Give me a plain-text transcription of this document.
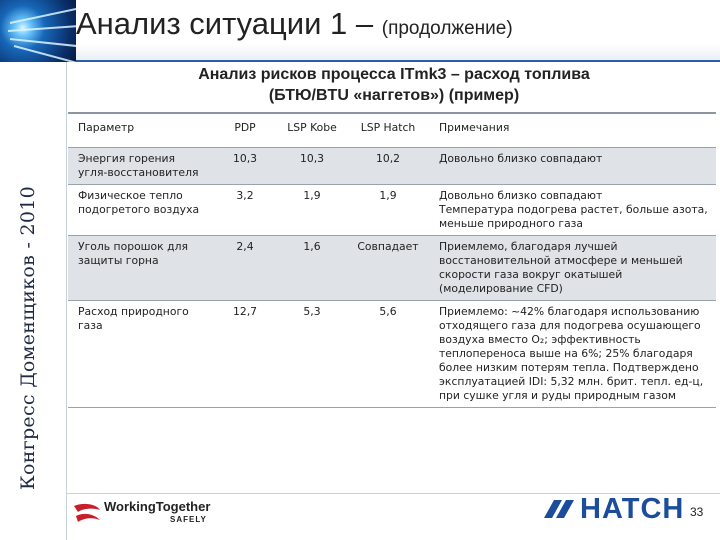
Анализ ситуации 1 – (продолжение)
Конгресс Доменщиков - 2010
Анализ рисков процесса ITmk3 – расход топлива
(БТЮ/BTU «наггетов») (пример)
Параметр	PDP	LSP Kobe	LSP Hatch	Примечания
Энергия горения угля-восстановителя	10,3	10,3	10,2	Довольно близко совпадают

Физическое тепло подогретого воздуха	3,2	1,9	1,9	Довольно близко совпадают
Температура подогрева растет, больше азота, меньше природного газа

Уголь порошок для защиты горна	2,4	1,6	Совпадает	Приемлемо, благодаря лучшей восстановительной атмосфере и меньшей скорости газа вокруг окатышей (моделирование CFD)

Расход природного газа	12,7	5,3	5,6	Приемлемо: ~42% благодаря использованию отходящего газа для подогрева осушающего воздуха вместо O₂; эффективность теплопереноса выше на 6%; 25% благодаря более низким потерям тепла. Подтверждено эксплуатацией IDI: 5,32 млн. брит. тепл. ед-ц, при сушке угля и руды природным газом
WorkingTogether
SAFELY	HATCH 33
